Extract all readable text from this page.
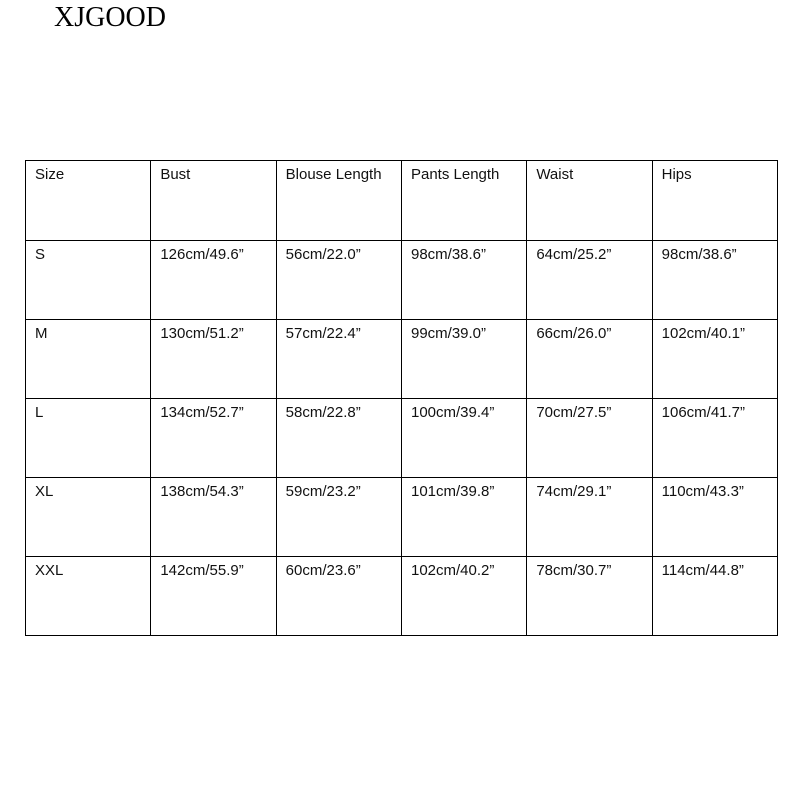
XJGOOD
Size	Bust	Blouse Length	Pants Length	Waist	Hips
S	126cm/49.6”	56cm/22.0”	98cm/38.6”	64cm/25.2”	98cm/38.6”
M	130cm/51.2”	57cm/22.4”	99cm/39.0”	66cm/26.0”	102cm/40.1”
L	134cm/52.7”	58cm/22.8”	100cm/39.4”	70cm/27.5”	106cm/41.7”
XL	138cm/54.3”	59cm/23.2”	101cm/39.8”	74cm/29.1”	110cm/43.3”
XXL	142cm/55.9”	60cm/23.6”	102cm/40.2”	78cm/30.7”	114cm/44.8”
